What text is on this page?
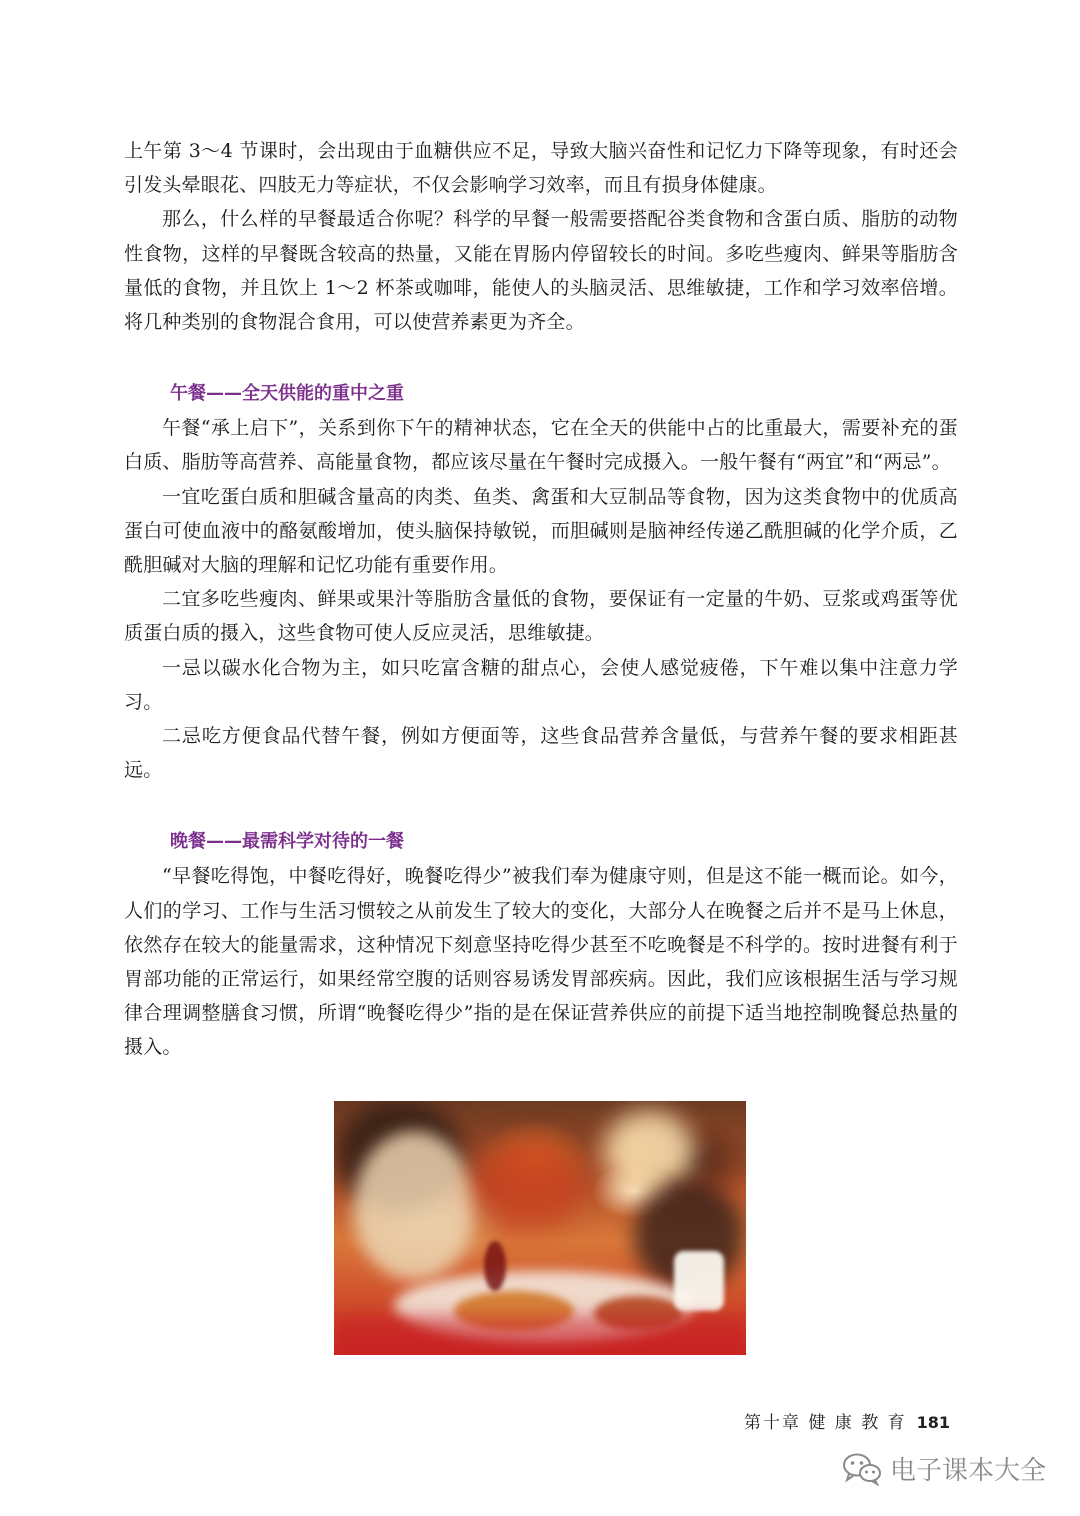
上午第 3～4 节课时，会出现由于血糖供应不足，导致大脑兴奋性和记忆力下降等现象，有时还会引发头晕眼花、四肢无力等症状，不仅会影响学习效率，而且有损身体健康。

那么，什么样的早餐最适合你呢？科学的早餐一般需要搭配谷类食物和含蛋白质、脂肪的动物性食物，这样的早餐既含较高的热量，又能在胃肠内停留较长的时间。多吃些瘦肉、鲜果等脂肪含量低的食物，并且饮上 1～2 杯茶或咖啡，能使人的头脑灵活、思维敏捷，工作和学习效率倍增。将几种类别的食物混合食用，可以使营养素更为齐全。

午餐——全天供能的重中之重

午餐“承上启下”，关系到你下午的精神状态，它在全天的供能中占的比重最大，需要补充的蛋白质、脂肪等高营养、高能量食物，都应该尽量在午餐时完成摄入。一般午餐有“两宜”和“两忌”。

一宜吃蛋白质和胆碱含量高的肉类、鱼类、禽蛋和大豆制品等食物，因为这类食物中的优质高蛋白可使血液中的酪氨酸增加，使头脑保持敏锐，而胆碱则是脑神经传递乙酰胆碱的化学介质，乙酰胆碱对大脑的理解和记忆功能有重要作用。

二宜多吃些瘦肉、鲜果或果汁等脂肪含量低的食物，要保证有一定量的牛奶、豆浆或鸡蛋等优质蛋白质的摄入，这些食物可使人反应灵活，思维敏捷。

一忌以碳水化合物为主，如只吃富含糖的甜点心，会使人感觉疲倦，下午难以集中注意力学习。

二忌吃方便食品代替午餐，例如方便面等，这些食品营养含量低，与营养午餐的要求相距甚远。

晚餐——最需科学对待的一餐

“早餐吃得饱，中餐吃得好，晚餐吃得少”被我们奉为健康守则，但是这不能一概而论。如今，人们的学习、工作与生活习惯较之从前发生了较大的变化，大部分人在晚餐之后并不是马上休息，依然存在较大的能量需求，这种情况下刻意坚持吃得少甚至不吃晚餐是不科学的。按时进餐有利于胃部功能的正常运行，如果经常空腹的话则容易诱发胃部疾病。因此，我们应该根据生活与学习规律合理调整膳食习惯，所谓“晚餐吃得少”指的是在保证营养供应的前提下适当地控制晚餐总热量的摄入。

第十章 健 康 教 育 181
电子课本大全
